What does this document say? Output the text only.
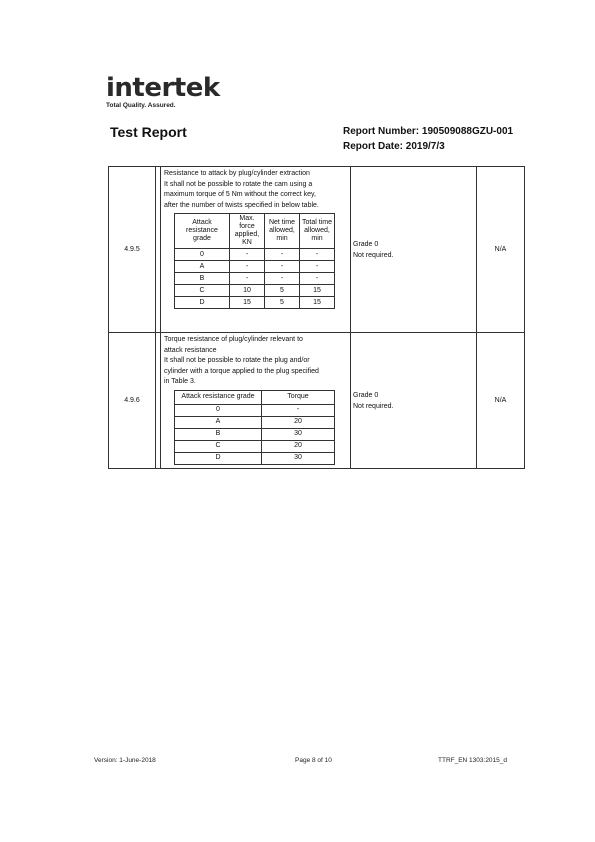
intertek
Total Quality. Assured.
Test Report	Report Number: 190509088GZU-001
Report Date: 2019/7/3
4.9.5		
Resistance to attack by plug/cylinder extraction
It shall not be possible to rotate the cam using a
maximum torque of 5 Nm without the correct key,
after the number of twists specified in below table.
Attack resistance grade	Max. force applied, KN	Net time allowed, min	Total time allowed, min
0	-	-	-
A	-	-	-
B	-	-	-
C	10	5	15
D	15	5	15

Grade 0
Not required.
	N/A
4.9.6		
Torque resistance of plug/cylinder relevant to
attack resistance
It shall not be possible to rotate the plug and/or
cylinder with a torque applied to the plug specified
in Table 3.
Attack resistance grade	Torque
0	-
A	20
B	30
C	20
D	30

Grade 0
Not required.
	N/A
Version: 1-June-2018	Page 8 of 10	TTRF_EN 1303:2015_d
